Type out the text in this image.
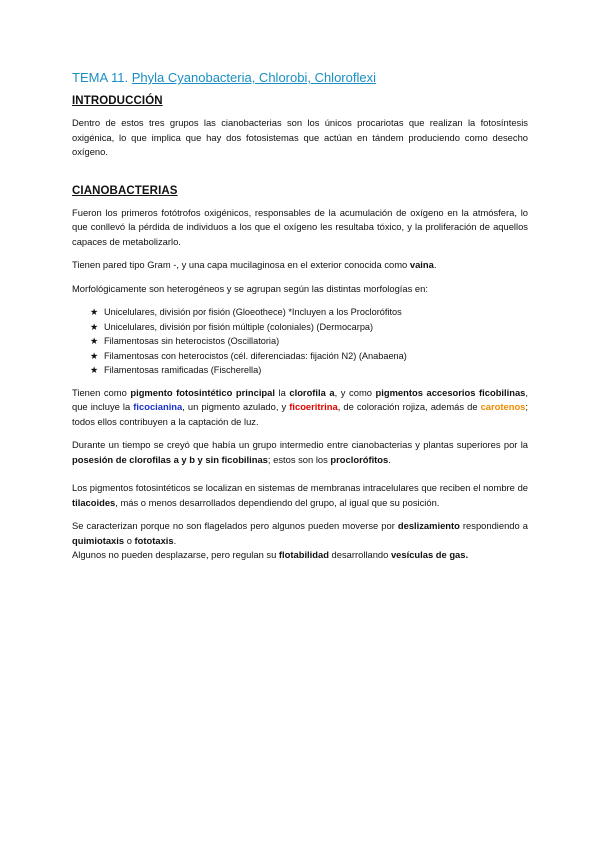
TEMA 11. Phyla Cyanobacteria, Chlorobi, Chloroflexi
INTRODUCCIÓN

Dentro de estos tres grupos las cianobacterias son los únicos procariotas que realizan la fotosíntesis oxigénica, lo que implica que hay dos fotosistemas que actúan en tándem produciendo como desecho oxígeno.

CIANOBACTERIAS

Fueron los primeros fotótrofos oxigénicos, responsables de la acumulación de oxígeno en la atmósfera, lo que conllevó la pérdida de individuos a los que el oxígeno les resultaba tóxico, y la proliferación de aquellos capaces de metabolizarlo.

Tienen pared tipo Gram -, y una capa mucilaginosa en el exterior conocida como vaina.

Morfológicamente son heterogéneos y se agrupan según las distintas morfologías en:

★ Unicelulares, división por fisión (Gloeothece) *Incluyen a los Proclorófitos
★ Unicelulares, división por fisión múltiple (coloniales) (Dermocarpa)
★ Filamentosas sin heterocistos (Oscillatoria)
★ Filamentosas con heterocistos (cél. diferenciadas: fijación N2) (Anabaena)
★ Filamentosas ramificadas (Fischerella)

Tienen como pigmento fotosintético principal la clorofila a, y como pigmentos accesorios ficobilinas, que incluye la ficocianina, un pigmento azulado, y ficoeritrina, de coloración rojiza, además de carotenos; todos ellos contribuyen a la captación de luz.

Durante un tiempo se creyó que había un grupo intermedio entre cianobacterias y plantas superiores por la posesión de clorofilas a y b y sin ficobilinas; estos son los proclorófitos.

Los pigmentos fotosintéticos se localizan en sistemas de membranas intracelulares que reciben el nombre de tilacoides, más o menos desarrollados dependiendo del grupo, al igual que su posición.

Se caracterizan porque no son flagelados pero algunos pueden moverse por deslizamiento respondiendo a quimiotaxis o fototaxis.

Algunos no pueden desplazarse, pero regulan su flotabilidad desarrollando vesículas de gas.
